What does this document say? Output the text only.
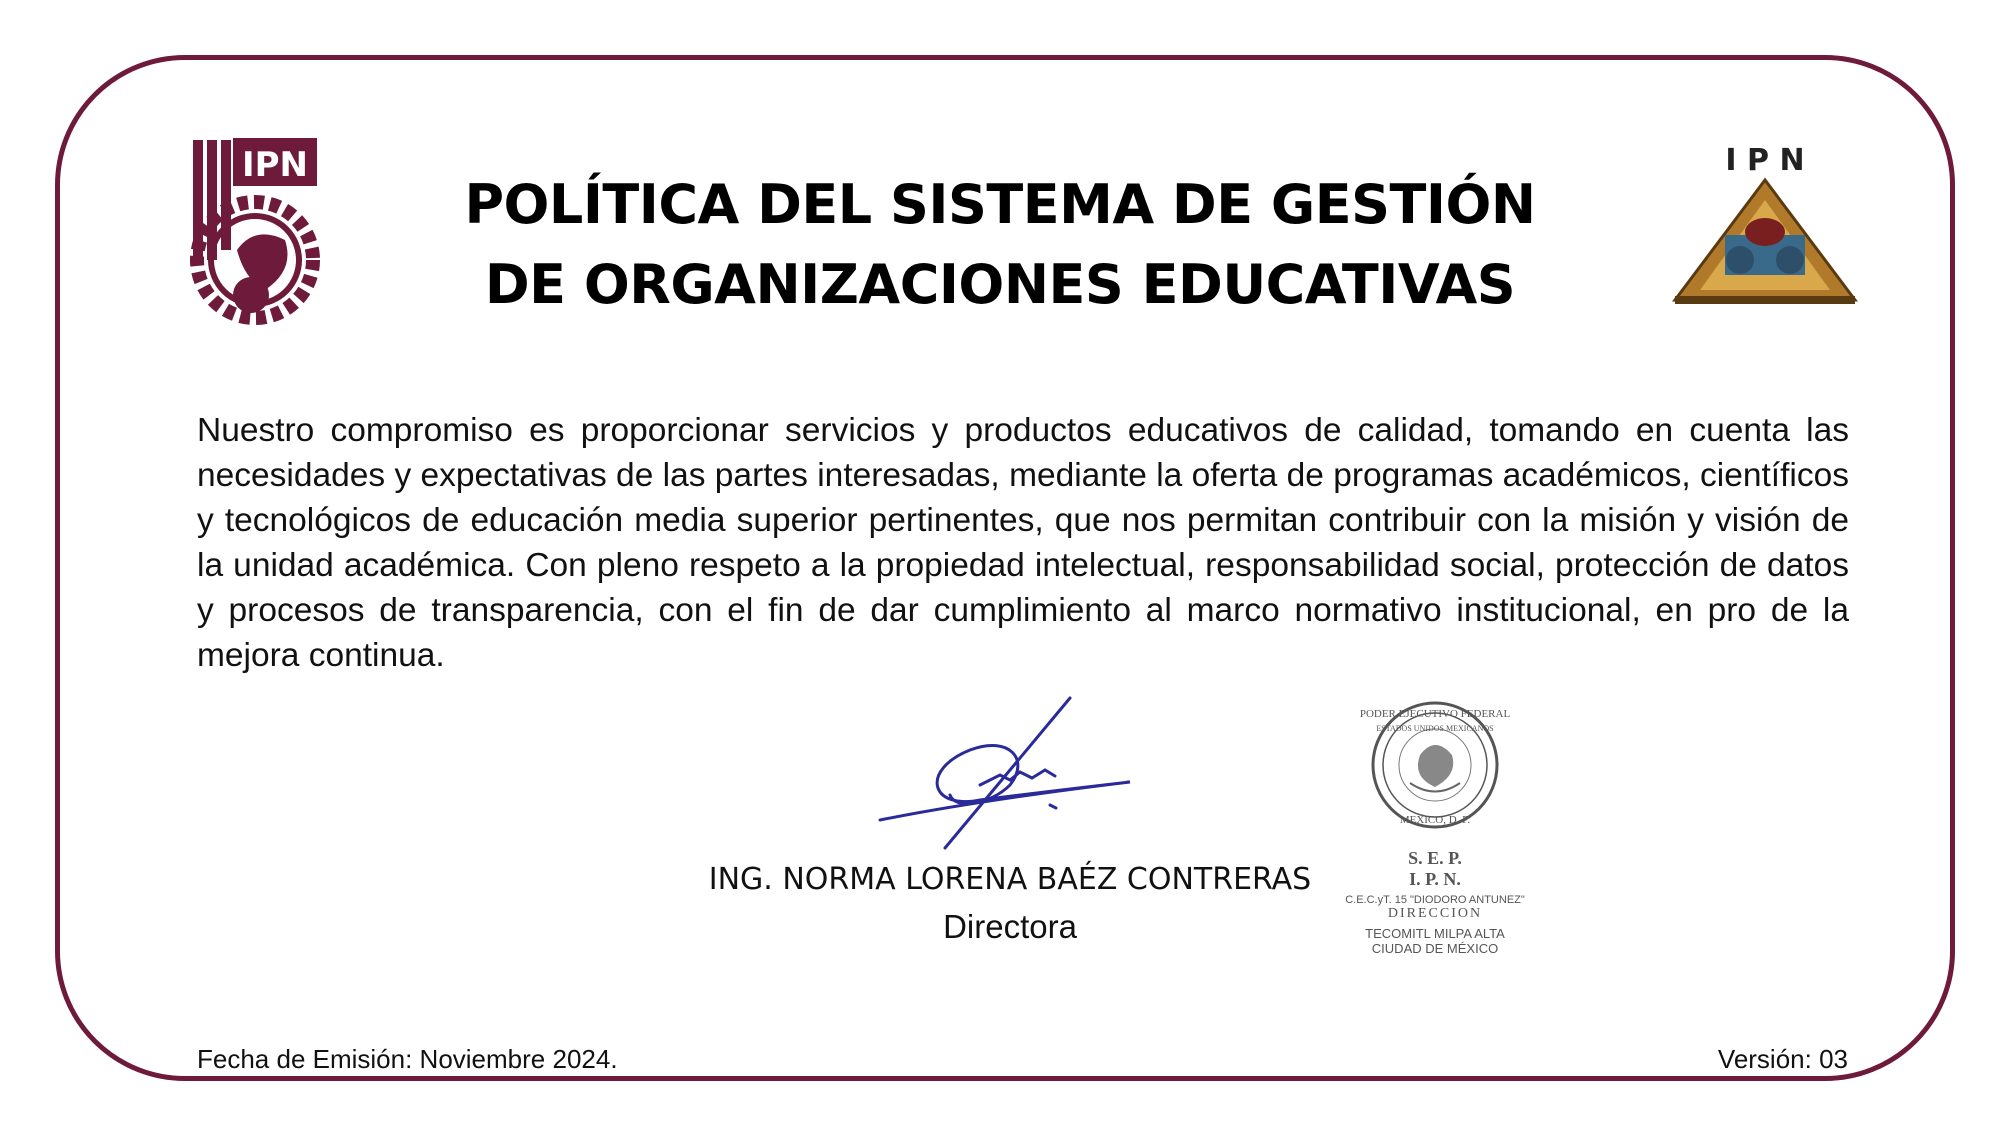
IPN
POLÍTICA DEL SISTEMA DE GESTIÓN
DE ORGANIZACIONES EDUCATIVAS
I P N
Nuestro compromiso es proporcionar servicios y productos educativos de calidad, tomando en cuenta las necesidades y expectativas de las partes interesadas, mediante la oferta de programas académicos, científicos y tecnológicos de educación media superior pertinentes, que nos permitan contribuir con la misión y visión de la unidad académica. Con pleno respeto a la propiedad intelectual, responsabilidad social, protección de datos y procesos de transparencia, con el fin de dar cumplimiento al marco normativo institucional, en pro de la mejora continua.
ING. NORMA LORENA BAÉZ CONTRERAS
Directora
PODER EJECUTIVO FEDERAL
ESTADOS UNIDOS MEXICANOS
MEXICO, D. F.
S. E. P.
I. P. N.
C.E.C.yT. 15 "DIODORO ANTUNEZ"
DIRECCION
TECOMITL MILPA ALTA
CIUDAD DE MÉXICO
Fecha de Emisión: Noviembre 2024.	Versión: 03
